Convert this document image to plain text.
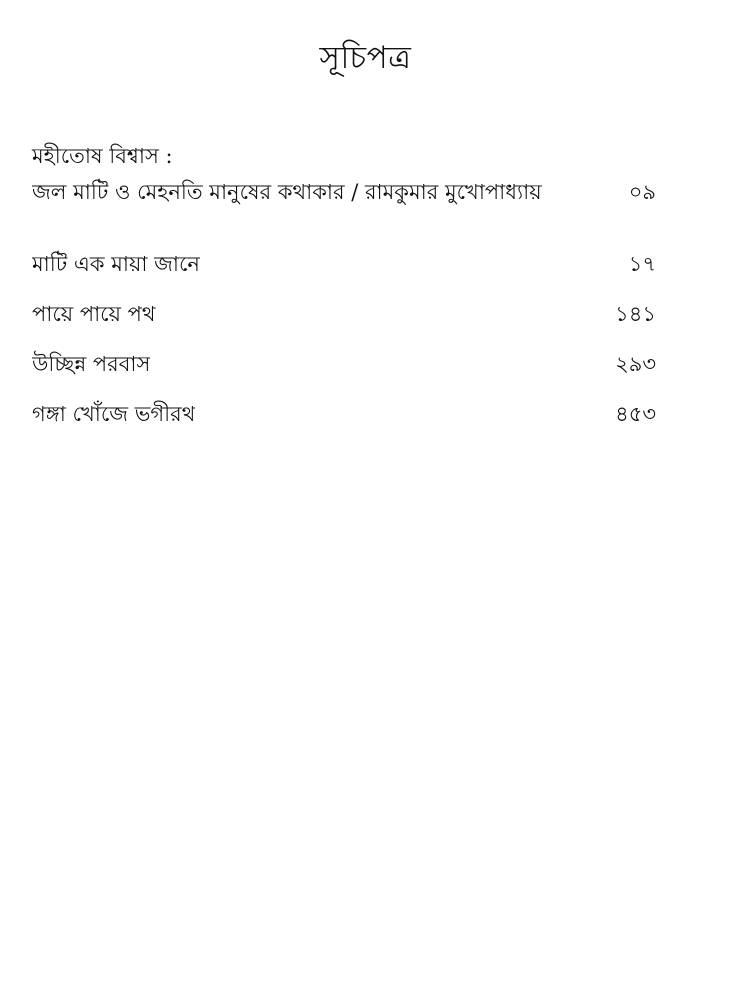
সূচিপত্র
মহীতোষ বিশ্বাস :
জল মাটি ও মেহনতি মানুষের কথাকার / রামকুমার মুখোপাধ্যায়	০৯
মাটি এক মায়া জানে	১৭
পায়ে পায়ে পথ	১৪১
উচ্ছিন্ন পরবাস	২৯৩
গঙ্গা খোঁজে ভগীরথ	৪৫৩
